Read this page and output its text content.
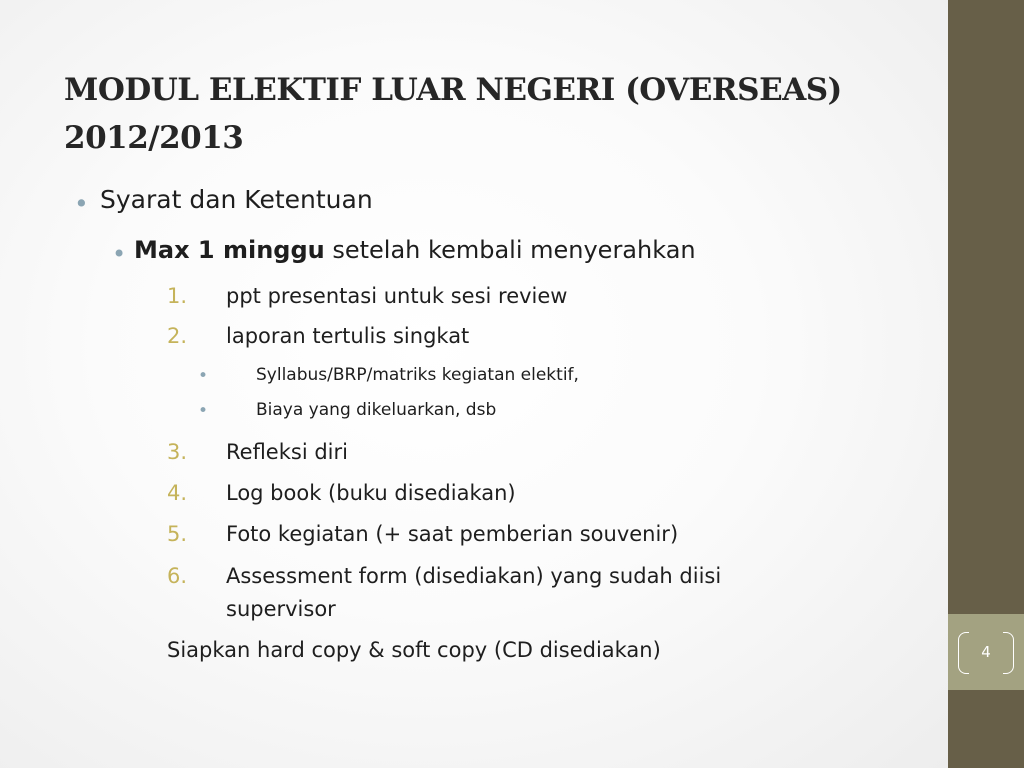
4
MODUL ELEKTIF LUAR NEGERI (OVERSEAS)
2012/2013
• Syarat dan Ketentuan
• Max 1 minggu setelah kembali menyerahkan
1. ppt presentasi untuk sesi review
2. laporan tertulis singkat
•	Syllabus/BRP/matriks kegiatan elektif,
•	Biaya yang dikeluarkan, dsb
3. Refleksi diri
4. Log book (buku disediakan)
5. Foto kegiatan (+ saat pemberian souvenir)
6. Assessment form (disediakan) yang sudah diisi
supervisor
Siapkan hard copy & soft copy (CD disediakan)
